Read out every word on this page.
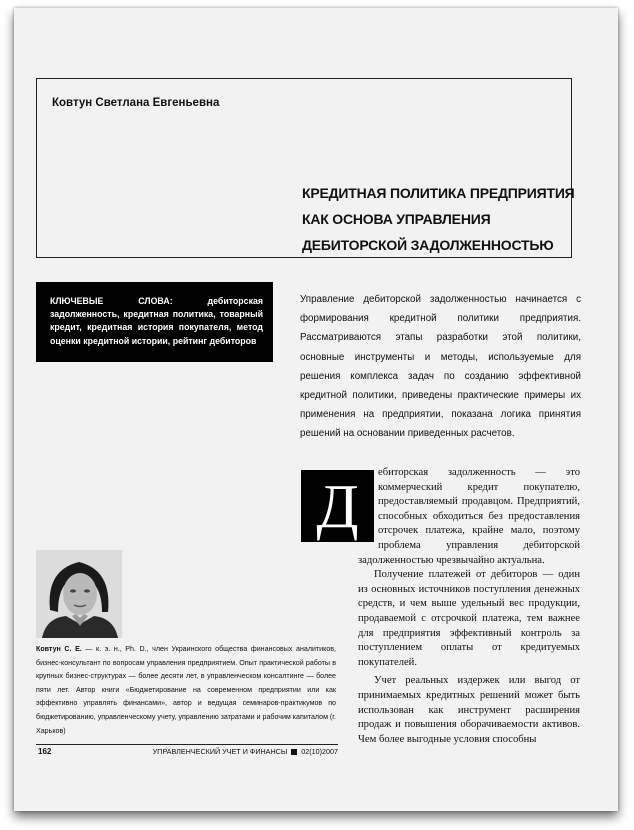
Ковтун Светлана Евгеньевна
КРЕДИТНАЯ ПОЛИТИКА ПРЕДПРИЯТИЯ
КАК ОСНОВА УПРАВЛЕНИЯ
ДЕБИТОРСКОЙ ЗАДОЛЖЕННОСТЬЮ
КЛЮЧЕВЫЕ СЛОВА: дебиторская задолженность, кредитная политика, товарный кредит, кредитная история покупателя, метод оценки кредитной истории, рейтинг дебиторов
Управление дебиторской задолженностью начинается с формирования кредитной политики предприятия. Рассматриваются этапы разработки этой политики, основные инструменты и методы, используемые для решения комплекса задач по созданию эффективной кредитной политики, приведены практические примеры их применения на предприятии, показана логика принятия решений на основании приведенных расчетов.
Д

ебиторская задолженность — это коммерческий кредит покупателю, предоставляемый продавцом. Предприятий, способных обходиться без предоставления отсрочек платежа, крайне мало, поэтому проблема управления дебиторской задолженностью чрезвычайно актуальна.

Получение платежей от дебиторов — один из основных источников поступления денежных средств, и чем выше удельный вес продукции, продаваемой с отсрочкой платежа, тем важнее для предприятия эффективный контроль за поступлением оплаты от кредитуемых покупателей.

Учет реальных издержек или выгод от принимаемых кредитных решений может быть использован как инструмент расширения продаж и повышения оборачиваемости активов. Чем более выгодные условия способны

Ковтун С. Е. — к. э. н., Ph. D., член Украинского общества финансовых аналитиков, бизнес-консультант по вопросам управления предприятием. Опыт практической работы в крупных бизнес-структурах — более десяти лет, в управленческом консалтинге — более пяти лет. Автор книги «Бюджетирование на современном предприятии или как эффективно управлять финансами», автор и ведущая семинаров-практикумов по бюджетированию, управленческому учету, управлению затратами и рабочим капиталом (г. Харьков)
162	УПРАВЛЕНЧЕСКИЙ УЧЕТ И ФИНАНСЫ 02(10)2007
